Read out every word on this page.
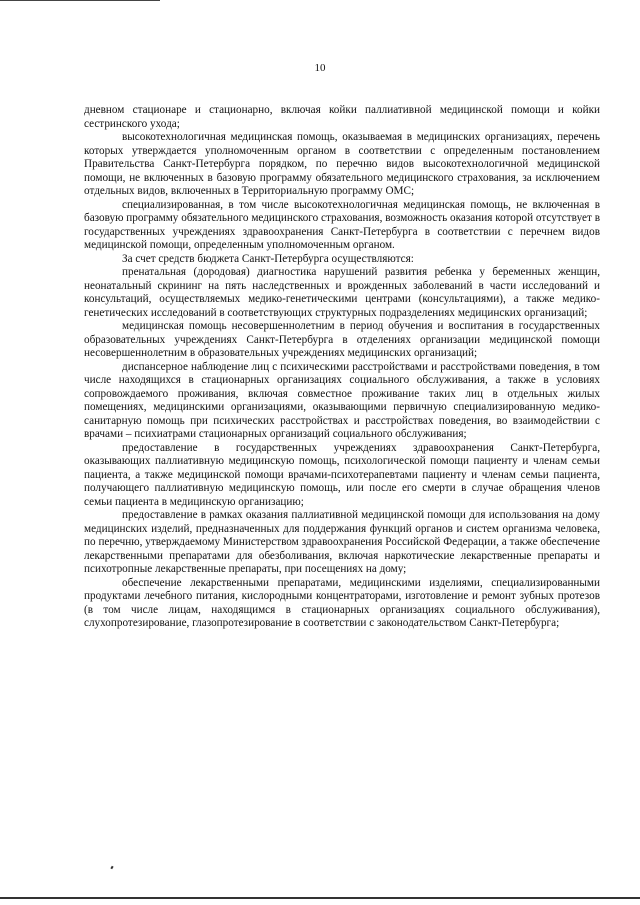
10

дневном стационаре и стационарно, включая койки паллиативной медицинской помощи и койки сестринского ухода;

высокотехнологичная медицинская помощь, оказываемая в медицинских организациях, перечень которых утверждается уполномоченным органом в соответствии с определенным постановлением Правительства Санкт-Петербурга порядком, по перечню видов высокотехнологичной медицинской помощи, не включенных в базовую программу обязательного медицинского страхования, за исключением отдельных видов, включенных в Территориальную программу ОМС;

специализированная, в том числе высокотехнологичная медицинская помощь, не включенная в базовую программу обязательного медицинского страхования, возможность оказания которой отсутствует в государственных учреждениях здравоохранения Санкт-Петербурга в соответствии с перечнем видов медицинской помощи, определенным уполномоченным органом.

За счет средств бюджета Санкт-Петербурга осуществляются:

пренатальная (дородовая) диагностика нарушений развития ребенка у беременных женщин, неонатальный скрининг на пять наследственных и врожденных заболеваний в части исследований и консультаций, осуществляемых медико-генетическими центрами (консультациями), а также медико-генетических исследований в соответствующих структурных подразделениях медицинских организаций;

медицинская помощь несовершеннолетним в период обучения и воспитания в государственных образовательных учреждениях Санкт-Петербурга в отделениях организации медицинской помощи несовершеннолетним в образовательных учреждениях медицинских организаций;

диспансерное наблюдение лиц с психическими расстройствами и расстройствами поведения, в том числе находящихся в стационарных организациях социального обслуживания, а также в условиях сопровождаемого проживания, включая совместное проживание таких лиц в отдельных жилых помещениях, медицинскими организациями, оказывающими первичную специализированную медико-санитарную помощь при психических расстройствах и расстройствах поведения, во взаимодействии с врачами – психиатрами стационарных организаций социального обслуживания;

предоставление в государственных учреждениях здравоохранения Санкт-Петербурга, оказывающих паллиативную медицинскую помощь, психологической помощи пациенту и членам семьи пациента, а также медицинской помощи врачами-психотерапевтами пациенту и членам семьи пациента, получающего паллиативную медицинскую помощь, или после его смерти в случае обращения членов семьи пациента в медицинскую организацию;

предоставление в рамках оказания паллиативной медицинской помощи для использования на дому медицинских изделий, предназначенных для поддержания функций органов и систем организма человека, по перечню, утверждаемому Министерством здравоохранения Российской Федерации, а также обеспечение лекарственными препаратами для обезболивания, включая наркотические лекарственные препараты и психотропные лекарственные препараты, при посещениях на дому;

обеспечение лекарственными препаратами, медицинскими изделиями, специализированными продуктами лечебного питания, кислородными концентраторами, изготовление и ремонт зубных протезов (в том числе лицам, находящимся в стационарных организациях социального обслуживания), слухопротезирование, глазопротезирование в соответствии с законодательством Санкт-Петербурга;
